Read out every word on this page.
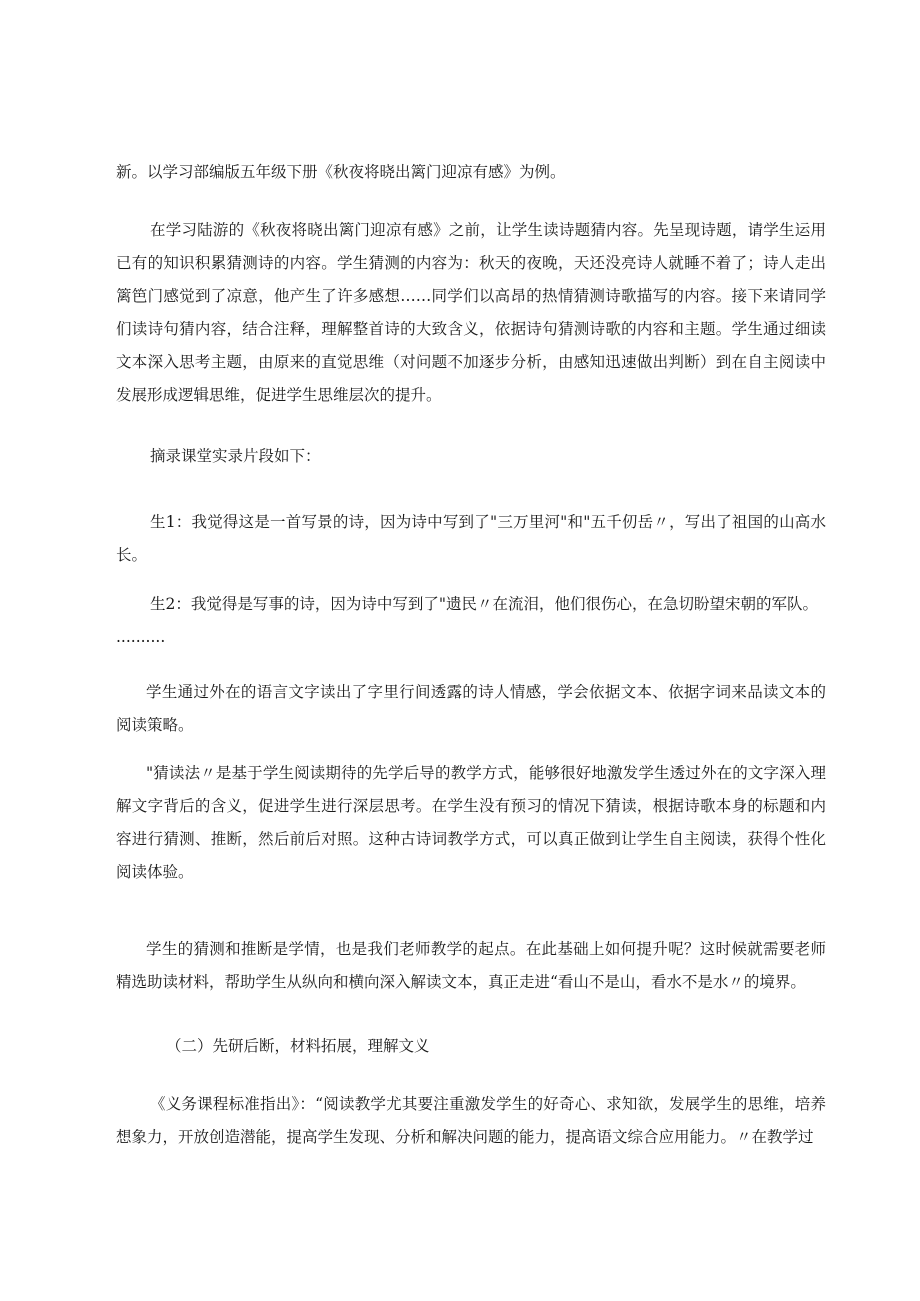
新。以学习部编版五年级下册《秋夜将晓出篱门迎凉有感》为例。

在学习陆游的《秋夜将晓出篱门迎凉有感》之前，让学生读诗题猜内容。先呈现诗题，请学生运用已有的知识积累猜测诗的内容。学生猜测的内容为：秋天的夜晚，天还没亮诗人就睡不着了；诗人走出篱笆门感觉到了凉意，他产生了许多感想……同学们以高昂的热情猜测诗歌描写的内容。接下来请同学们读诗句猜内容，结合注释，理解整首诗的大致含义，依据诗句猜测诗歌的内容和主题。学生通过细读文本深入思考主题，由原来的直觉思维（对问题不加逐步分析，由感知迅速做出判断）到在自主阅读中发展形成逻辑思维，促进学生思维层次的提升。

摘录课堂实录片段如下：

生1：我觉得这是一首写景的诗，因为诗中写到了"三万里河"和"五千仞岳〃，写出了祖国的山高水长。

生2：我觉得是写事的诗，因为诗中写到了"遗民〃在流泪，他们很伤心，在急切盼望宋朝的军队。

..........

学生通过外在的语言文字读出了字里行间透露的诗人情感，学会依据文本、依据字词来品读文本的阅读策略。

"猜读法〃是基于学生阅读期待的先学后导的教学方式，能够很好地激发学生透过外在的文字深入理解文字背后的含义，促进学生进行深层思考。在学生没有预习的情况下猜读，根据诗歌本身的标题和内容进行猜测、推断，然后前后对照。这种古诗词教学方式，可以真正做到让学生自主阅读，获得个性化阅读体验。

学生的猜测和推断是学情，也是我们老师教学的起点。在此基础上如何提升呢？这时候就需要老师精选助读材料，帮助学生从纵向和横向深入解读文本，真正走进“看山不是山，看水不是水〃的境界。

（二）先研后断，材料拓展，理解文义

《义务课程标准指出》：“阅读教学尤其要注重激发学生的好奇心、求知欲，发展学生的思维，培养想象力，开放创造潜能，提高学生发现、分析和解决问题的能力，提高语文综合应用能力。〃在教学过
